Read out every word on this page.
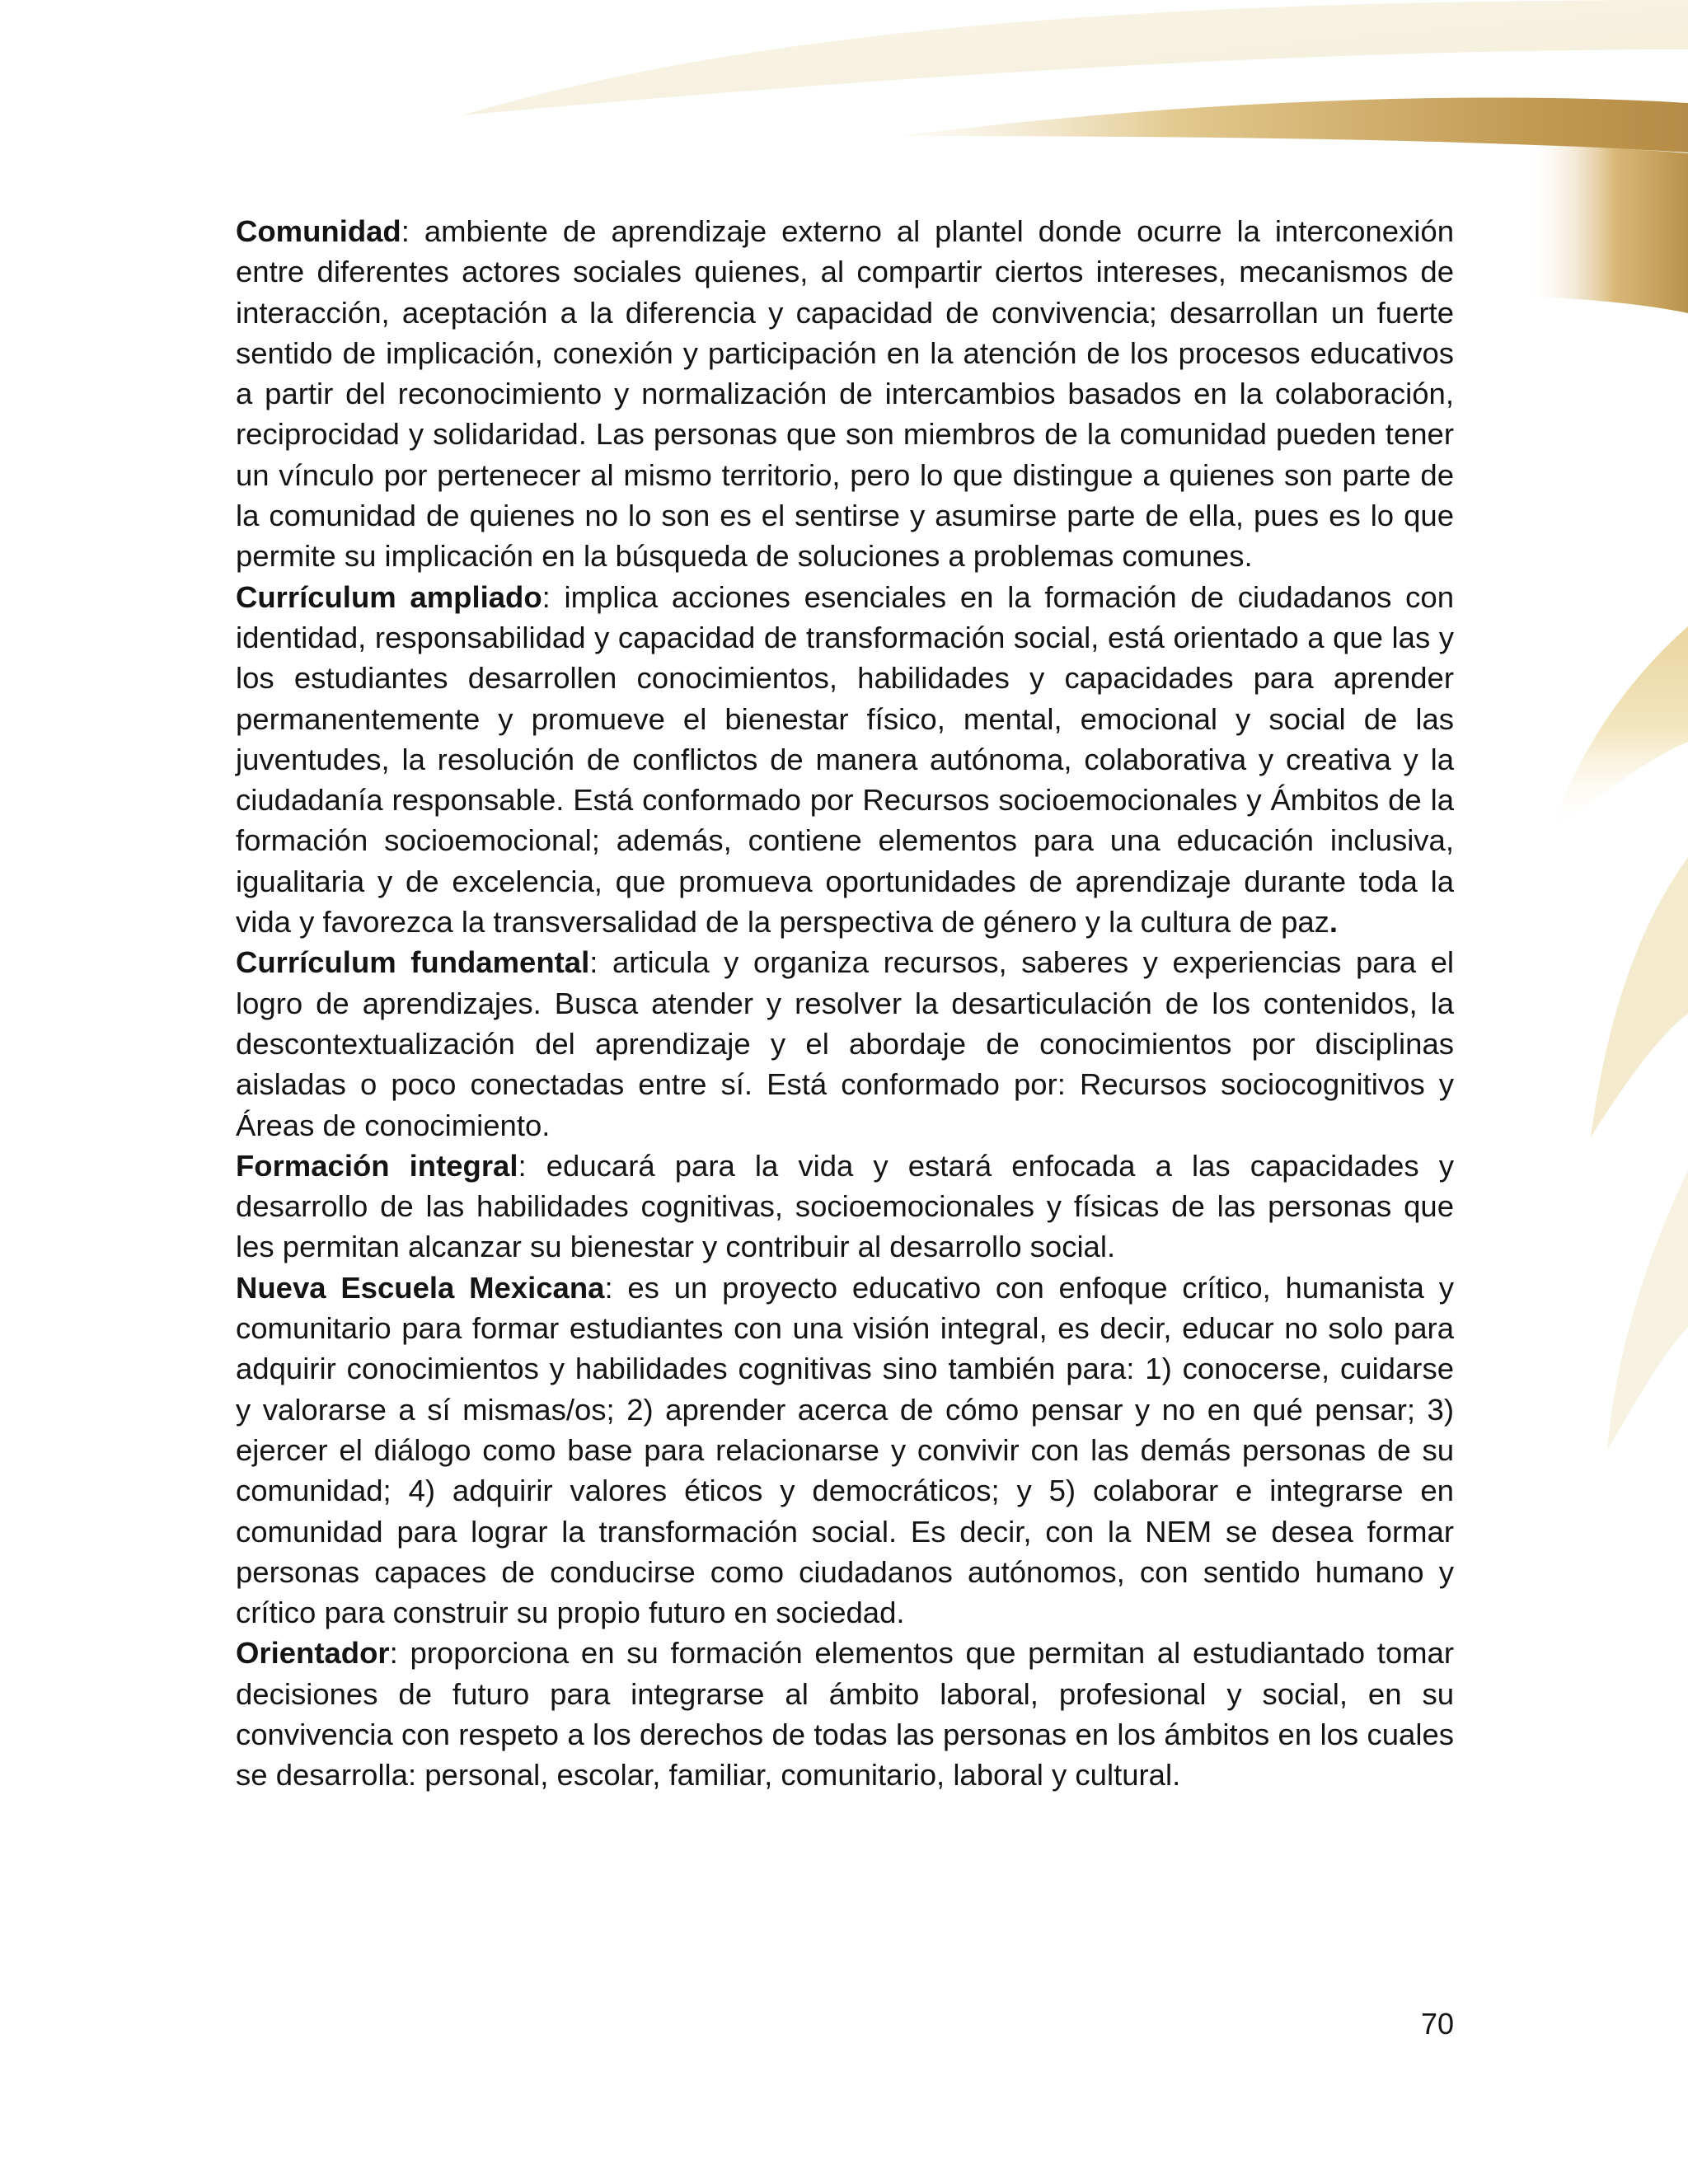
Comunidad: ambiente de aprendizaje externo al plantel donde ocurre la interconexión entre diferentes actores sociales quienes, al compartir ciertos intereses, mecanismos de interacción, aceptación a la diferencia y capacidad de convivencia; desarrollan un fuerte sentido de implicación, conexión y participación en la atención de los procesos educativos a partir del reconocimiento y normalización de intercambios basados en la colaboración, reciprocidad y solidaridad. Las personas que son miembros de la comunidad pueden tener un vínculo por pertenecer al mismo territorio, pero lo que distingue a quienes son parte de la comunidad de quienes no lo son es el sentirse y asumirse parte de ella, pues es lo que permite su implicación en la búsqueda de soluciones a problemas comunes.

Currículum ampliado: implica acciones esenciales en la formación de ciudadanos con identidad, responsabilidad y capacidad de transformación social, está orientado a que las y los estudiantes desarrollen conocimientos, habilidades y capacidades para aprender permanentemente y promueve el bienestar físico, mental, emocional y social de las juventudes, la resolución de conflictos de manera autónoma, colaborativa y creativa y la ciudadanía responsable. Está conformado por Recursos socioemocionales y Ámbitos de la formación socioemocional; además, contiene elementos para una educación inclusiva, igualitaria y de excelencia, que promueva oportunidades de aprendizaje durante toda la vida y favorezca la transversalidad de la perspectiva de género y la cultura de paz.

Currículum fundamental: articula y organiza recursos, saberes y experiencias para el logro de aprendizajes. Busca atender y resolver la desarticulación de los contenidos, la descontextualización del aprendizaje y el abordaje de conocimientos por disciplinas aisladas o poco conectadas entre sí. Está conformado por: Recursos sociocognitivos y Áreas de conocimiento.

Formación integral: educará para la vida y estará enfocada a las capacidades y desarrollo de las habilidades cognitivas, socioemocionales y físicas de las personas que les permitan alcanzar su bienestar y contribuir al desarrollo social.

Nueva Escuela Mexicana: es un proyecto educativo con enfoque crítico, humanista y comunitario para formar estudiantes con una visión integral, es decir, educar no solo para adquirir conocimientos y habilidades cognitivas sino también para: 1) conocerse, cuidarse y valorarse a sí mismas/os; 2) aprender acerca de cómo pensar y no en qué pensar; 3) ejercer el diálogo como base para relacionarse y convivir con las demás personas de su comunidad; 4) adquirir valores éticos y democráticos; y 5) colaborar e integrarse en comunidad para lograr la transformación social. Es decir, con la NEM se desea formar personas capaces de conducirse como ciudadanos autónomos, con sentido humano y crítico para construir su propio futuro en sociedad.

Orientador: proporciona en su formación elementos que permitan al estudiantado tomar decisiones de futuro para integrarse al ámbito laboral, profesional y social, en su convivencia con respeto a los derechos de todas las personas en los ámbitos en los cuales se desarrolla: personal, escolar, familiar, comunitario, laboral y cultural.

70
